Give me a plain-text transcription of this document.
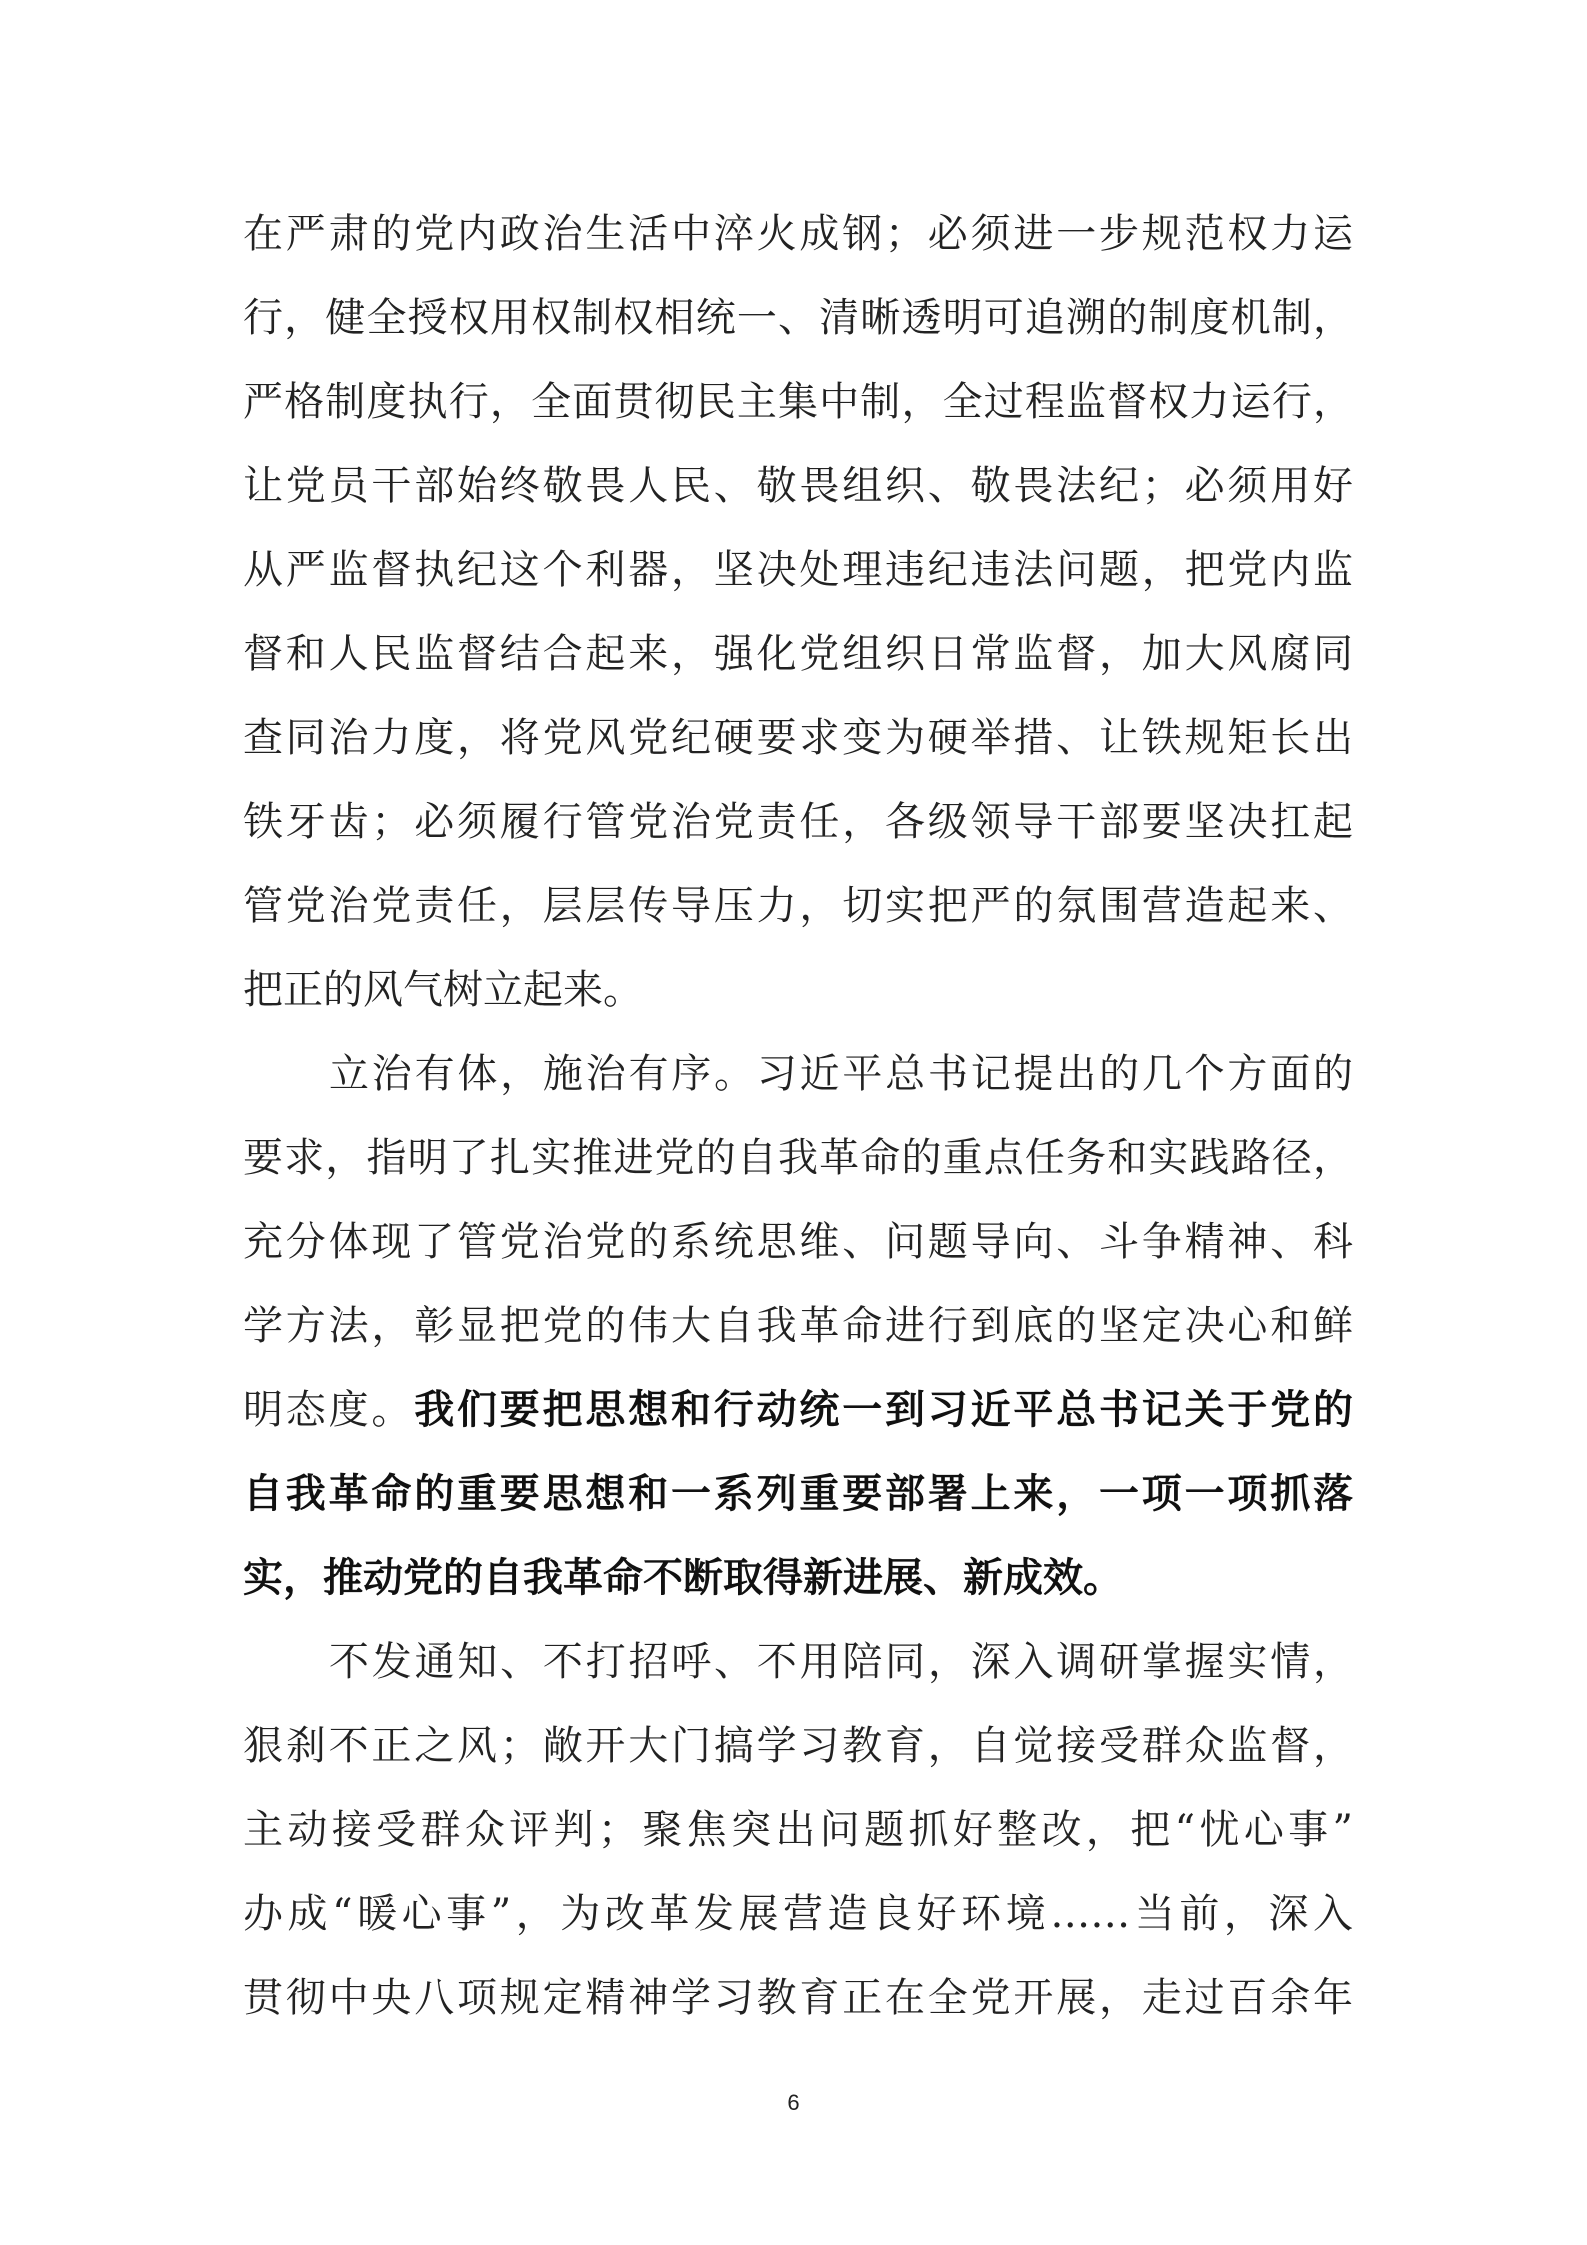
在严肃的党内政治生活中淬火成钢；必须进一步规范权力运
行，健全授权用权制权相统一、清晰透明可追溯的制度机制，
严格制度执行，全面贯彻民主集中制，全过程监督权力运行，
让党员干部始终敬畏人民、敬畏组织、敬畏法纪；必须用好
从严监督执纪这个利器，坚决处理违纪违法问题，把党内监
督和人民监督结合起来，强化党组织日常监督，加大风腐同
查同治力度，将党风党纪硬要求变为硬举措、让铁规矩长出
铁牙齿；必须履行管党治党责任，各级领导干部要坚决扛起
管党治党责任，层层传导压力，切实把严的氛围营造起来、
把正的风气树立起来。
立治有体，施治有序。习近平总书记提出的几个方面的
要求，指明了扎实推进党的自我革命的重点任务和实践路径，
充分体现了管党治党的系统思维、问题导向、斗争精神、科
学方法，彰显把党的伟大自我革命进行到底的坚定决心和鲜
明态度。我们要把思想和行动统一到习近平总书记关于党的
自我革命的重要思想和一系列重要部署上来，一项一项抓落
实，推动党的自我革命不断取得新进展、新成效。
不发通知、不打招呼、不用陪同，深入调研掌握实情，
狠刹不正之风；敞开大门搞学习教育，自觉接受群众监督，
主动接受群众评判；聚焦突出问题抓好整改，把“忧心事”
办成“暖心事”，为改革发展营造良好环境……当前，深入
贯彻中央八项规定精神学习教育正在全党开展，走过百余年
6
